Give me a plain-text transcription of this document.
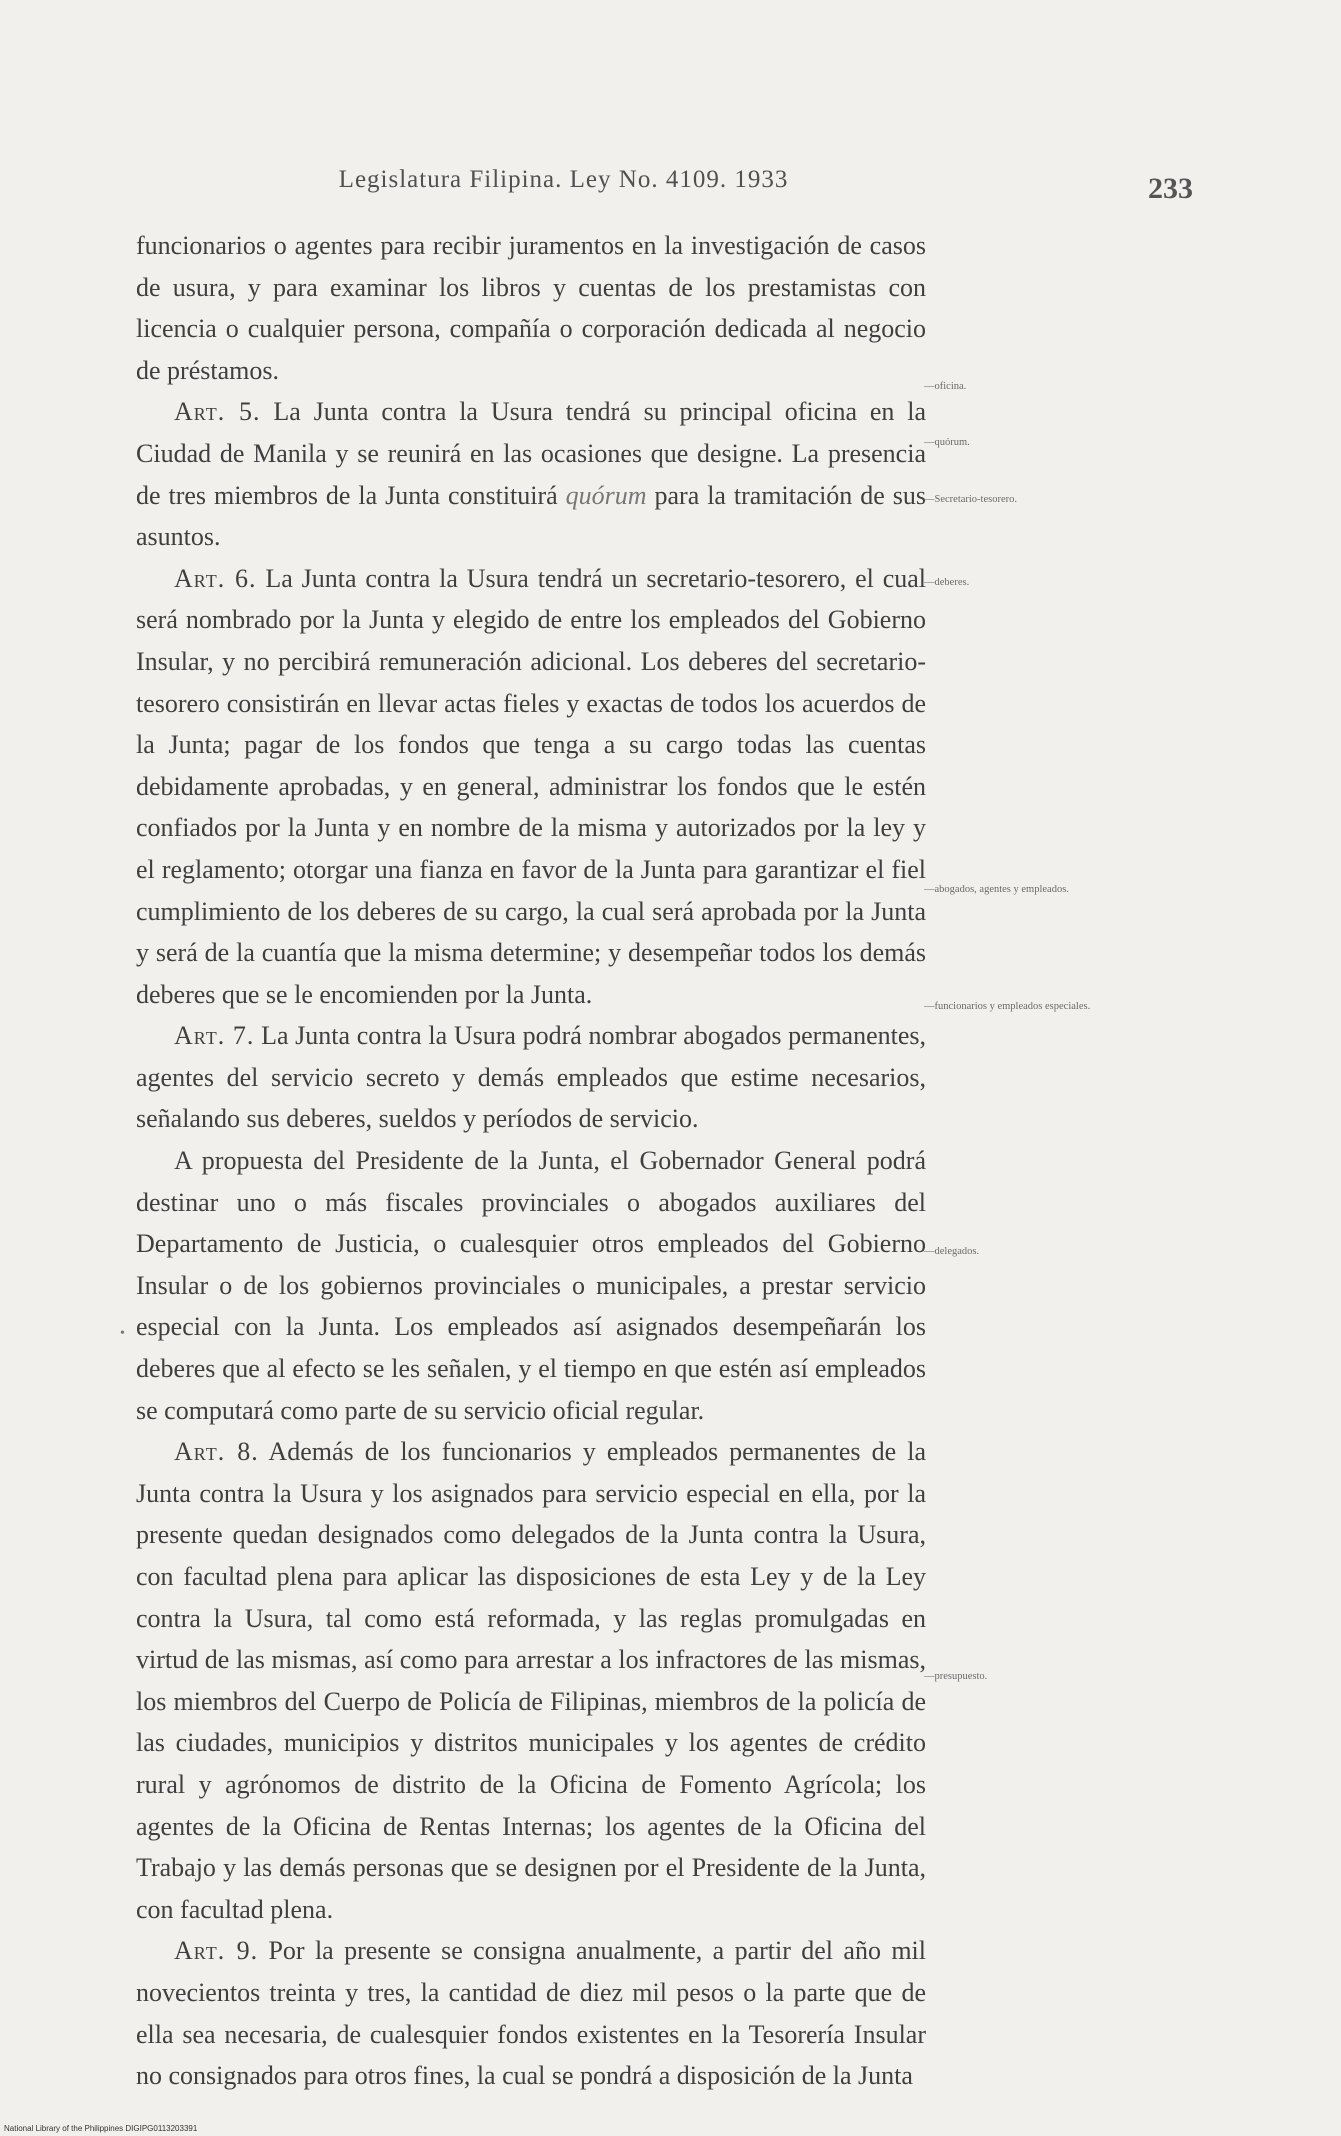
Legislatura Filipina. Ley No. 4109. 1933	233

funcionarios o agentes para recibir juramentos en la investigación de casos de usura, y para examinar los libros y cuentas de los prestamistas con licencia o cualquier persona, compañía o corporación dedicada al negocio de préstamos.

Art. 5. La Junta contra la Usura tendrá su principal oficina en la Ciudad de Manila y se reunirá en las ocasiones que designe. La presencia de tres miembros de la Junta constituirá quórum para la tramitación de sus asuntos.

Art. 6. La Junta contra la Usura tendrá un secretario-tesorero, el cual será nombrado por la Junta y elegido de entre los empleados del Gobierno Insular, y no percibirá remuneración adicional. Los deberes del secretario-tesorero consistirán en llevar actas fieles y exactas de todos los acuerdos de la Junta; pagar de los fondos que tenga a su cargo todas las cuentas debidamente aprobadas, y en general, administrar los fondos que le estén confiados por la Junta y en nombre de la misma y autorizados por la ley y el reglamento; otorgar una fianza en favor de la Junta para garantizar el fiel cumplimiento de los deberes de su cargo, la cual será aprobada por la Junta y será de la cuantía que la misma determine; y desempeñar todos los demás deberes que se le encomienden por la Junta.

Art. 7. La Junta contra la Usura podrá nombrar abogados permanentes, agentes del servicio secreto y demás empleados que estime necesarios, señalando sus deberes, sueldos y períodos de servicio.

A propuesta del Presidente de la Junta, el Gobernador General podrá destinar uno o más fiscales provinciales o abogados auxiliares del Departamento de Justicia, o cualesquier otros empleados del Gobierno Insular o de los gobiernos provinciales o municipales, a prestar servicio especial con la Junta. Los empleados así asignados desempeñarán los deberes que al efecto se les señalen, y el tiempo en que estén así empleados se computará como parte de su servicio oficial regular.

Art. 8. Además de los funcionarios y empleados permanentes de la Junta contra la Usura y los asignados para servicio especial en ella, por la presente quedan designados como delegados de la Junta contra la Usura, con facultad plena para aplicar las disposiciones de esta Ley y de la Ley contra la Usura, tal como está reformada, y las reglas promulgadas en virtud de las mismas, así como para arrestar a los infractores de las mismas, los miembros del Cuerpo de Policía de Filipinas, miembros de la policía de las ciudades, municipios y distritos municipales y los agentes de crédito rural y agrónomos de distrito de la Oficina de Fomento Agrícola; los agentes de la Oficina de Rentas Internas; los agentes de la Oficina del Trabajo y las demás personas que se designen por el Presidente de la Junta, con facultad plena.

Art. 9. Por la presente se consigna anualmente, a partir del año mil novecientos treinta y tres, la cantidad de diez mil pesos o la parte que de ella sea necesaria, de cualesquier fondos existentes en la Tesorería Insular no consignados para otros fines, la cual se pondrá a disposición de la Junta

—oficina.
—quórum.
—Secretario-tesorero.
—deberes.
—abogados, agentes y empleados.
—funcionarios y empleados especiales.
—delegados.
—presupuesto.
•
National Library of the Philippines DIGIPG0113203391
